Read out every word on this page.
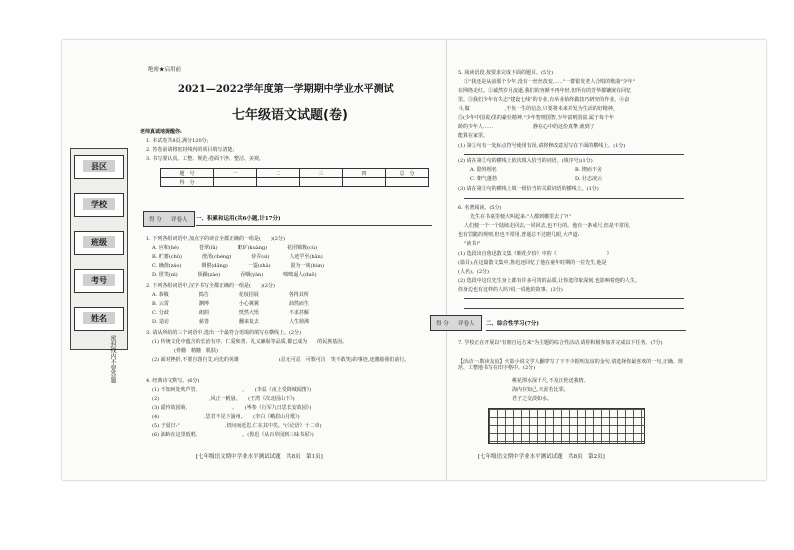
县区
学校
班级
考号
姓名
密封线内不要答题
绝密★启用前
2021—2022学年度第一学期期中学业水平测试
七年级语文试题(卷)
老师真诚地提醒你:
1. 本试卷共8页,满分120分;
2. 答卷前请将密封线内的项目填写清楚;
3. 书写要认真、工整、规范;卷面干净、整洁、美观。
题　号	一	二	三	四	总　分
得　分					
得 分 评卷人 一、积累和运用(共6小题,计17分)
1. 下列各组词语中,加点字的读音全都正确的一组是(　　)(2分)
A. 应和(hè)　　　　苍翠(lǜ)　　　　眶矿(kuàng)　　　　花团锦簇(cù)
B. 贮蓄(chǔ)　　　　澄清(chéng)　　　　侍弄(sì)　　　　人迹罕至(hǎn)
C. 确凿(záo)　　　　倜傥(dǎng)　　　　一霎(shà)　　　　混为一谈(hùn)
D. 匿笑(nì)　　　　烦躁(zào)　　　　吞咽(yàn)　　　　咄咄逼人(duō)
2. 下列各组词语中,汉字书写全都正确的一组是(　　)(2分)
A. 恭敬　　　　　　捣告　　　　　　花枝招展　　　　　　各得其所
B. 云霄　　　　　　渊博　　　　　　小心翼翼　　　　　　油然而生
C. 分歧　　　　　　朗润　　　　　　恍然大悟　　　　　　不求甚解
D. 造访　　　　　　慈善　　　　　　翻来复去　　　　　　人生鼎沸
3. 请从所给的三个词语中,选出一个最符合语境的填写在横线上。(2分)
(1) 传统文化中蕴含的长治有序、仁爱和善、礼义廉耻等品质,都已成为　　的民族基因。
(骨髓　精髓　肌肤)
(2) 面对挫折,不要自怨自艾,向先的英雄　　　　　　　　(忍无可忍　可歌可泣　笑不敢笑)的事迹,还激励我们前行。
4. 经典诗文默写。(6分)
(1) 不知何处吹芦管,　　　　　　　　　。　　(李益《夜上受降城闻笛》)
(2)　　　　　　　　　　,风正一帆悬。　　(王湾《次北固山下》)
(3) 遥怜故园菊,　　　　　　　　　。　　(岑参《行军九日思长安故园》)
(4)　　　　　　　　　,思君不见下渝州。　　(李白《峨眉山月歌》)
(5) 子夏曰:"　　　　　　　　　,切问而近思,仁在其中矣。"(《论语》十二章)
(6) 油蛉在这里低唱,　　　　　　　　　。(鲁迅《从百草园到三味书屋》)
[七年级语文期中学业水平测试试题　共8页　第1页]
5. 阅读语段,按要求完成下面的题目。(5分)
①"我还是从前那个少年,没有一丝丝改变……"一群银发老人合唱的歌曲"少年"
在网络走红。②诚然岁月流逝,我们的容颜不再年轻,但所有的芳华都镶嵌在回忆
里。③我们少年有失志"建设七线"的专业,有举业始终做技巧研究的作业。④奋
斗,做　　　　　　　,不负一生的信念,只要将未来并发为生活的好精神。
⑤(少年中国说)里的豪壮精神,"少年智则国智,少年富则国富,属于每个年
龄的少年人……　　　　　　　　静在心中的这份真挚,就到了
能算在家里。
(1) 第①句有一处标点符号使用有误,请将修改意见写在下面的横线上。(1分)
(2) 请在第②句的横线上依次填入恰当的词语。(填序号)(1分)
A. 隐姓埋名	B. 锲而不舍
C. 朝气蓬勃	D. 壮志凌云
(3) 请在第③句的横线上填一组恰当的关联词语的横线上。(1分)
6. 名著阅读。(5分)
先生在书桌里便大叫起来:"人都到哪里去了?!"
人们便一个一个陆续走回去;一同回去,也不行的。他有一条戒尺,但是不常用,
也有罚跪的规则,但也不常用,普通总不过瞪几眼,大声道:
"读书!"
(1) 选段出自鲁迅散文集《朝花夕拾》中的《　　　　　　　　　　》
(篇目),在这篇散文集中,鲁迅还回忆了他在童年时期的一位先生,他是　　　　　　
(人名)。(2分)
(2) 选段中这位先生身上都有许多可贵的品质,让你选印象深刻,也影响着他的人生。
你身边也有这样的人吗?说一说他的故事。(3分)
得 分 评卷人 二、综合性学习(7分)
7. 学校正在开展以"有朋自远方来"为主题的综合性活动,请你积极参加并完成以下任务。(7分)
【活动一:数读友谊】火影小说文学人翻穿写了下不少据明友谊的金句,请选择你最喜欢的一句,正确、规范、工整地书写在田字格中。(2分)
桃花潭水深千尺,不及汪伦送我情。
海内存知己,天涯若比邻。
君子之交淡如水。
[七年级语文期中学业水平测试试题　共8页　第2页]
